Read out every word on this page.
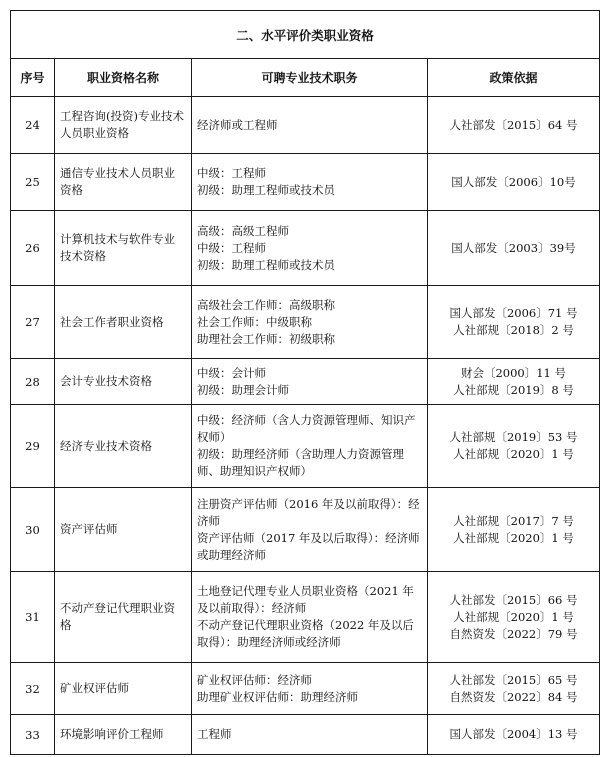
二、水平评价类职业资格			
序号	职业资格名称	可聘专业技术职务	政策依据
24	工程咨询(投资)专业技术人员职业资格	经济师或工程师	人社部发〔2015〕64 号

25	通信专业技术人员职业资格	中级：工程师
初级：助理工程师或技术员	国人部发〔2006〕10号

26	计算机技术与软件专业技术资格	高级：高级工程师
中级：工程师
初级：助理工程师或技术员	国人部发〔2003〕39号

27	社会工作者职业资格	高级社会工作师：高级职称
社会工作师：中级职称
助理社会工作师：初级职称	国人部发〔2006〕71 号
人社部规〔2018〕2 号

28	会计专业技术资格	中级：会计师
初级：助理会计师	财会〔2000〕11 号
人社部规〔2019〕8 号

29	经济专业技术资格	中级：经济师（含人力资源管理师、知识产权师）
初级：助理经济师（含助理人力资源管理师、助理知识产权师）	人社部规〔2019〕53 号
人社部规〔2020〕1 号

30	资产评估师	注册资产评估师（2016 年及以前取得）：经济师
资产评估师（2017 年及以后取得）：经济师或助理经济师	人社部规〔2017〕7 号
人社部规〔2020〕1 号

31	不动产登记代理职业资格	土地登记代理专业人员职业资格（2021 年及以前取得）：经济师
不动产登记代理职业资格（2022 年及以后取得）：助理经济师或经济师	人社部发〔2015〕66 号
人社部规〔2020〕1 号
自然资发〔2022〕79 号

32	矿业权评估师	矿业权评估师：经济师
助理矿业权评估师：助理经济师	人社部发〔2015〕65 号
自然资发〔2022〕84 号

33	环境影响评价工程师	工程师	国人部发〔2004〕13 号
